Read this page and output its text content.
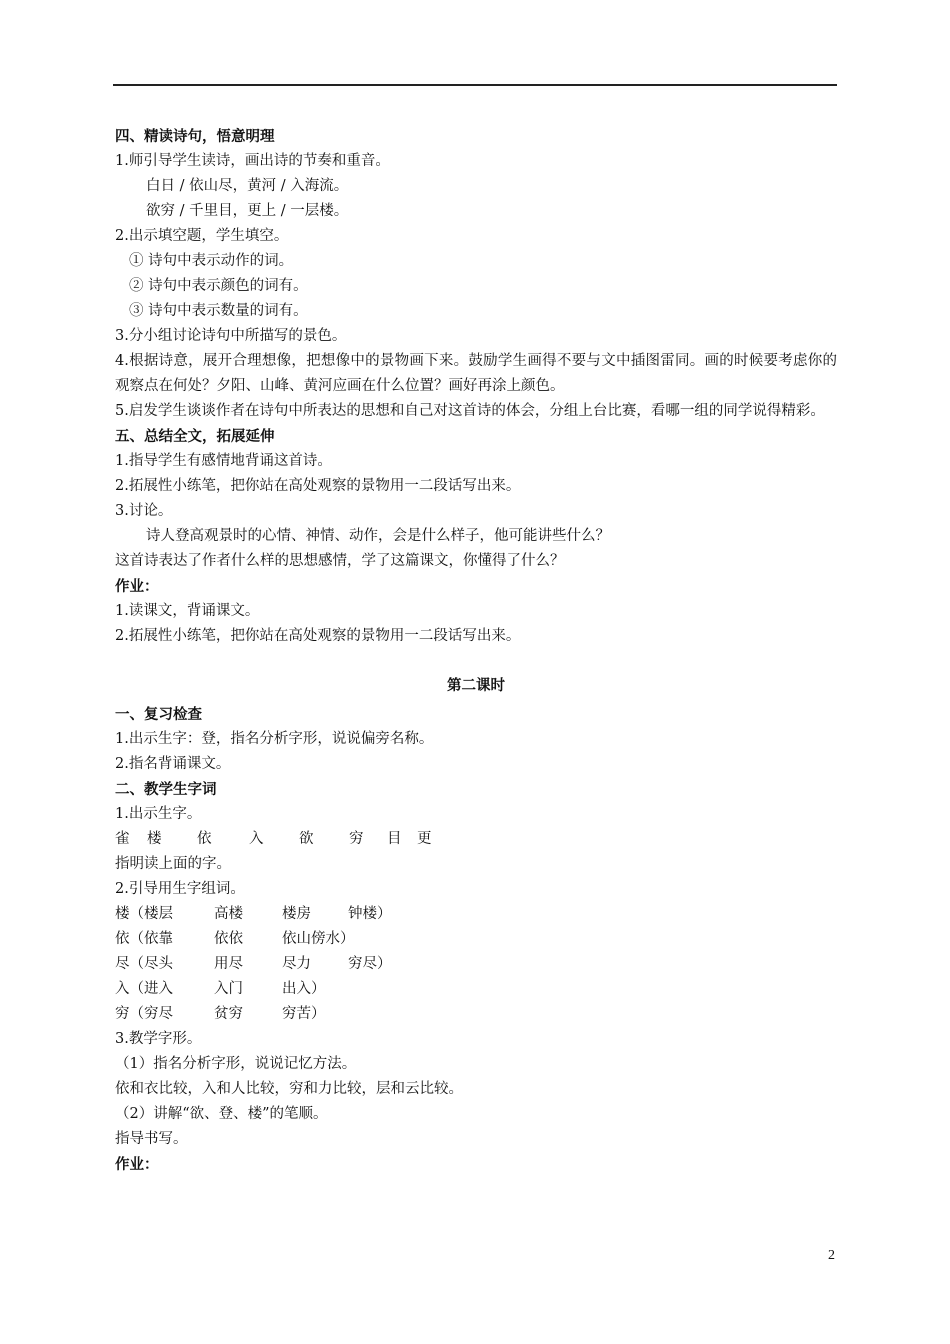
四、精读诗句，悟意明理
1.师引导学生读诗，画出诗的节奏和重音。
白日 / 依山尽，黄河 / 入海流。
欲穷 / 千里目，更上 / 一层楼。
2.出示填空题，学生填空。
① 诗句中表示动作的词。
② 诗句中表示颜色的词有。
③ 诗句中表示数量的词有。
3.分小组讨论诗句中所描写的景色。
4.根据诗意，展开合理想像，把想像中的景物画下来。鼓励学生画得不要与文中插图雷同。画的时候要考虑你的观察点在何处？夕阳、山峰、黄河应画在什么位置？画好再涂上颜色。
5.启发学生谈谈作者在诗句中所表达的思想和自己对这首诗的体会，分组上台比赛，看哪一组的同学说得精彩。
五、总结全文，拓展延伸
1.指导学生有感情地背诵这首诗。
2.拓展性小练笔，把你站在高处观察的景物用一二段话写出来。
3.讨论。
诗人登高观景时的心情、神情、动作，会是什么样子，他可能讲些什么？
这首诗表达了作者什么样的思想感情，学了这篇课文，你懂得了什么？
作业：
1.读课文，背诵课文。
2.拓展性小练笔，把你站在高处观察的景物用一二段话写出来。
第二课时
一、复习检查
1.出示生字：登，指名分析字形，说说偏旁名称。
2.指名背诵课文。
二、教学生字词
1.出示生字。
雀	楼	依	入	欲	穷	目	更
指明读上面的字。
2.引导用生字组词。
楼（楼层	高楼	楼房	钟楼）
依（依靠	依依	依山傍水）
尽（尽头	用尽	尽力	穷尽）
入（进入	入门	出入）
穷（穷尽	贫穷	穷苦）
3.教学字形。
（1）指名分析字形，说说记忆方法。
依和衣比较，入和人比较，穷和力比较，层和云比较。
（2）讲解“欲、登、楼”的笔顺。
指导书写。
作业：
2
